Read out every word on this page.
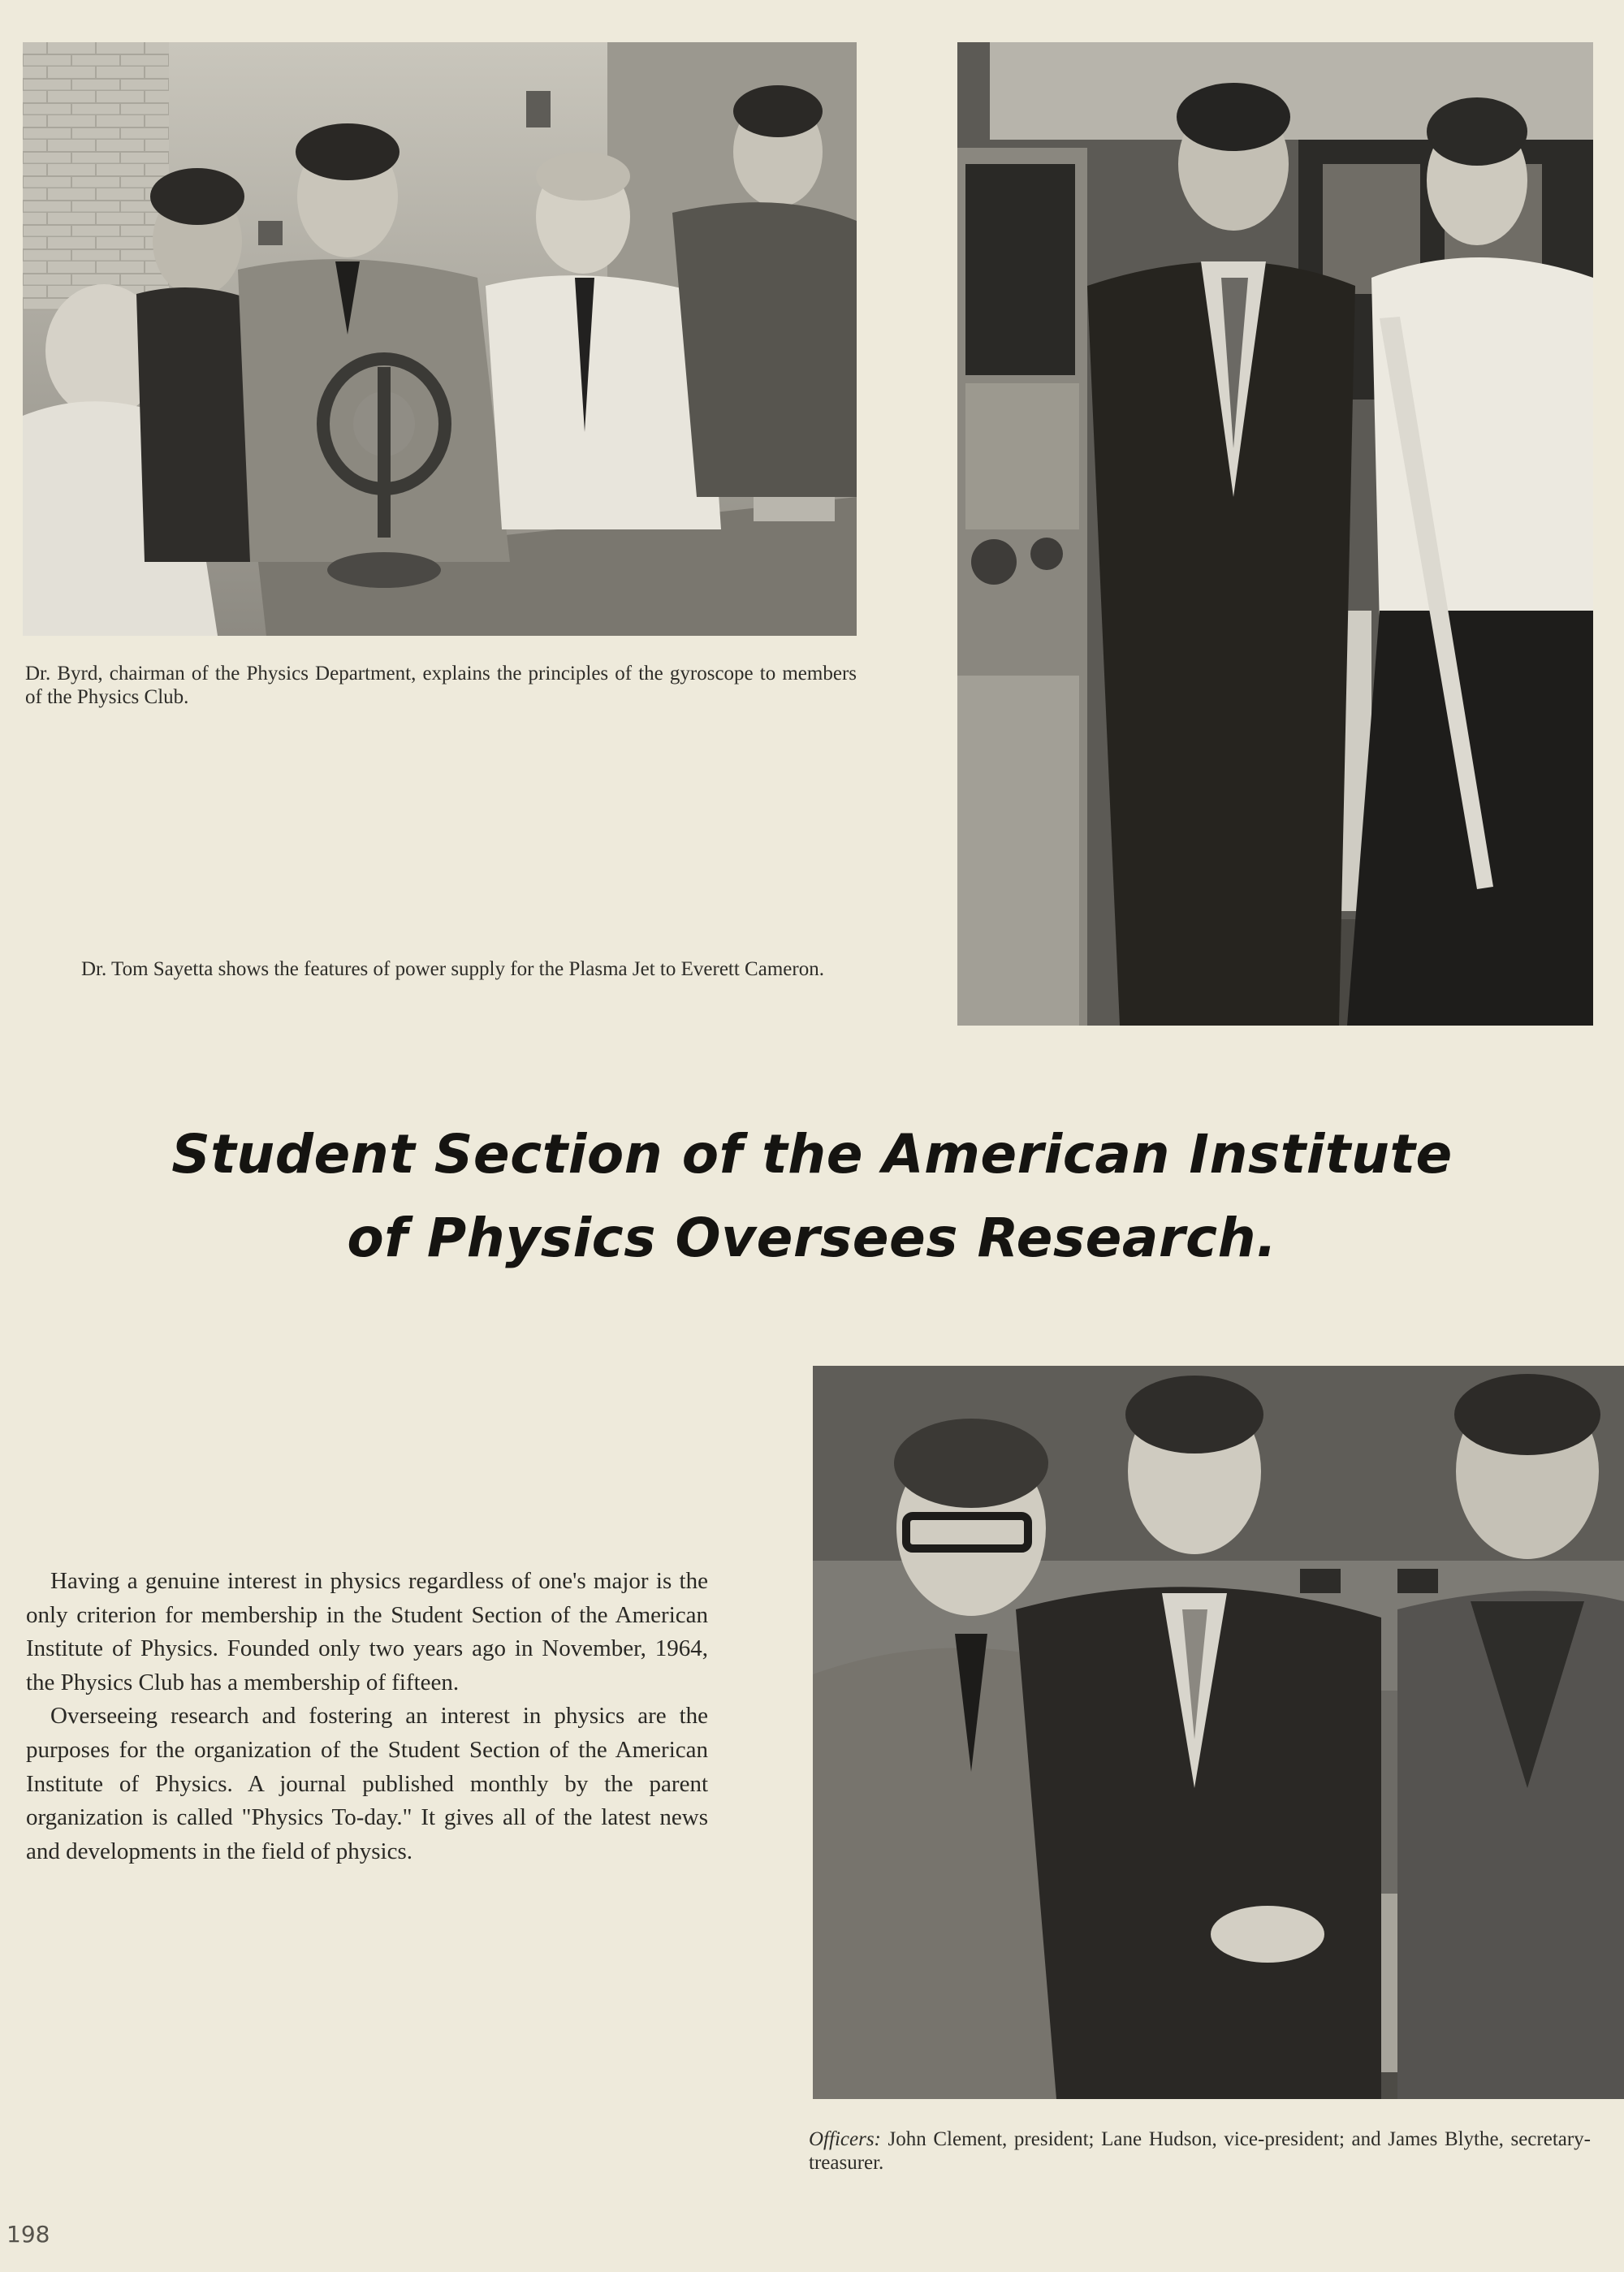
Dr. Byrd, chairman of the Physics Department, explains the principles of the gyroscope to members of the Physics Club.
Dr. Tom Sayetta shows the features of power supply for the Plasma Jet to Everett Cameron.
Student Section of the American Institute
of Physics Oversees Research.

Having a genuine interest in physics regardless of one's major is the only criterion for membership in the Student Section of the American Institute of Physics. Founded only two years ago in November, 1964, the Physics Club has a membership of fifteen.

Overseeing research and fostering an interest in physics are the purposes for the organization of the Student Section of the American Institute of Physics. A journal published monthly by the parent organization is called "Physics To-day." It gives all of the latest news and developments in the field of physics.

Officers: John Clement, president; Lane Hudson, vice-president; and James Blythe, secretary-treasurer.
198
